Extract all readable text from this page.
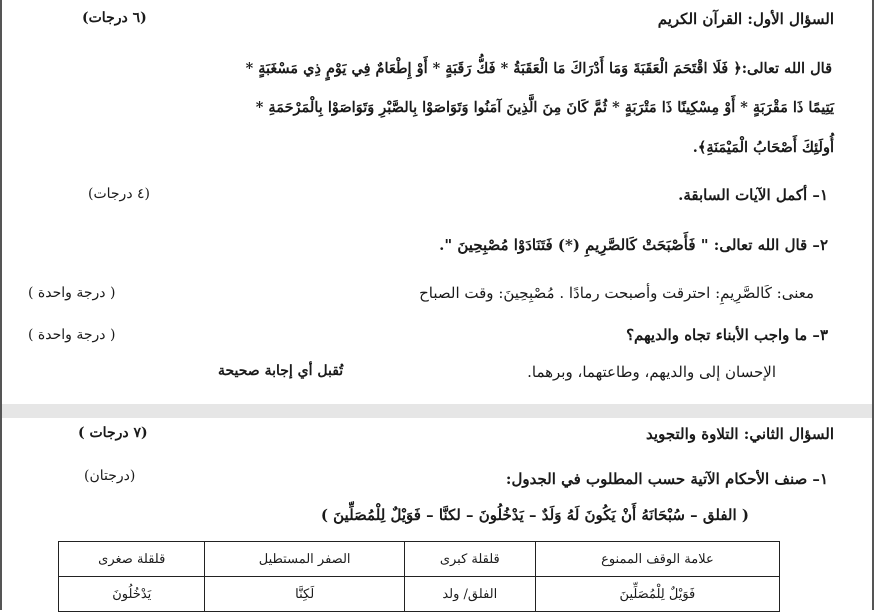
السؤال الأول: القرآن الكريم
(٦ درجات)
قال الله تعالى:﴿ فَلَا اقْتَحَمَ الْعَقَبَةَ وَمَا أَدْرَاكَ مَا الْعَقَبَةُ * فَكُّ رَقَبَةٍ * أَوْ إِطْعَامٌ فِي يَوْمٍ ذِي مَسْغَبَةٍ *
يَتِيمًا ذَا مَقْرَبَةٍ * أَوْ مِسْكِينًا ذَا مَتْرَبَةٍ * ثُمَّ كَانَ مِنَ الَّذِينَ آمَنُوا وَتَوَاصَوْا بِالصَّبْرِ وَتَوَاصَوْا بِالْمَرْحَمَةِ *
أُولَئِكَ أَصْحَابُ الْمَيْمَنَةِ﴾.
١– أكمل الآيات السابقة.
(٤ درجات)
٢– قال الله تعالى: " فَأَصْبَحَتْ كَالصَّرِيمِ (*) فَتَنَادَوْا مُصْبِحِينَ ".
معنى: كَالصَّرِيمِ: احترقت وأصبحت رمادًا . مُصْبِحِينَ: وقت الصباح
( درجة واحدة )
٣– ما واجب الأبناء تجاه والديهم؟
( درجة واحدة )
الإحسان إلى والديهم، وطاعتهما، وبرهما.
تُقبل أي إجابة صحيحة
السؤال الثاني: التلاوة والتجويد
(٧ درجات )
١– صنف الأحكام الآتية حسب المطلوب في الجدول:
(درجتان)
( الفلق – سُبْحَانَهُ أَنْ يَكُونَ لَهُ وَلَدٌ – يَدْخُلُونَ – لكنَّا – فَوَيْلٌ لِلْمُصَلِّينَ )
علامة الوقف الممنوع	قلقلة كبرى	الصفر المستطيل	قلقلة صغرى
فَوَيْلٌ لِلْمُصَلِّينَ	الفلق/ ولد	لَكِنَّا	يَدْخُلُونَ
